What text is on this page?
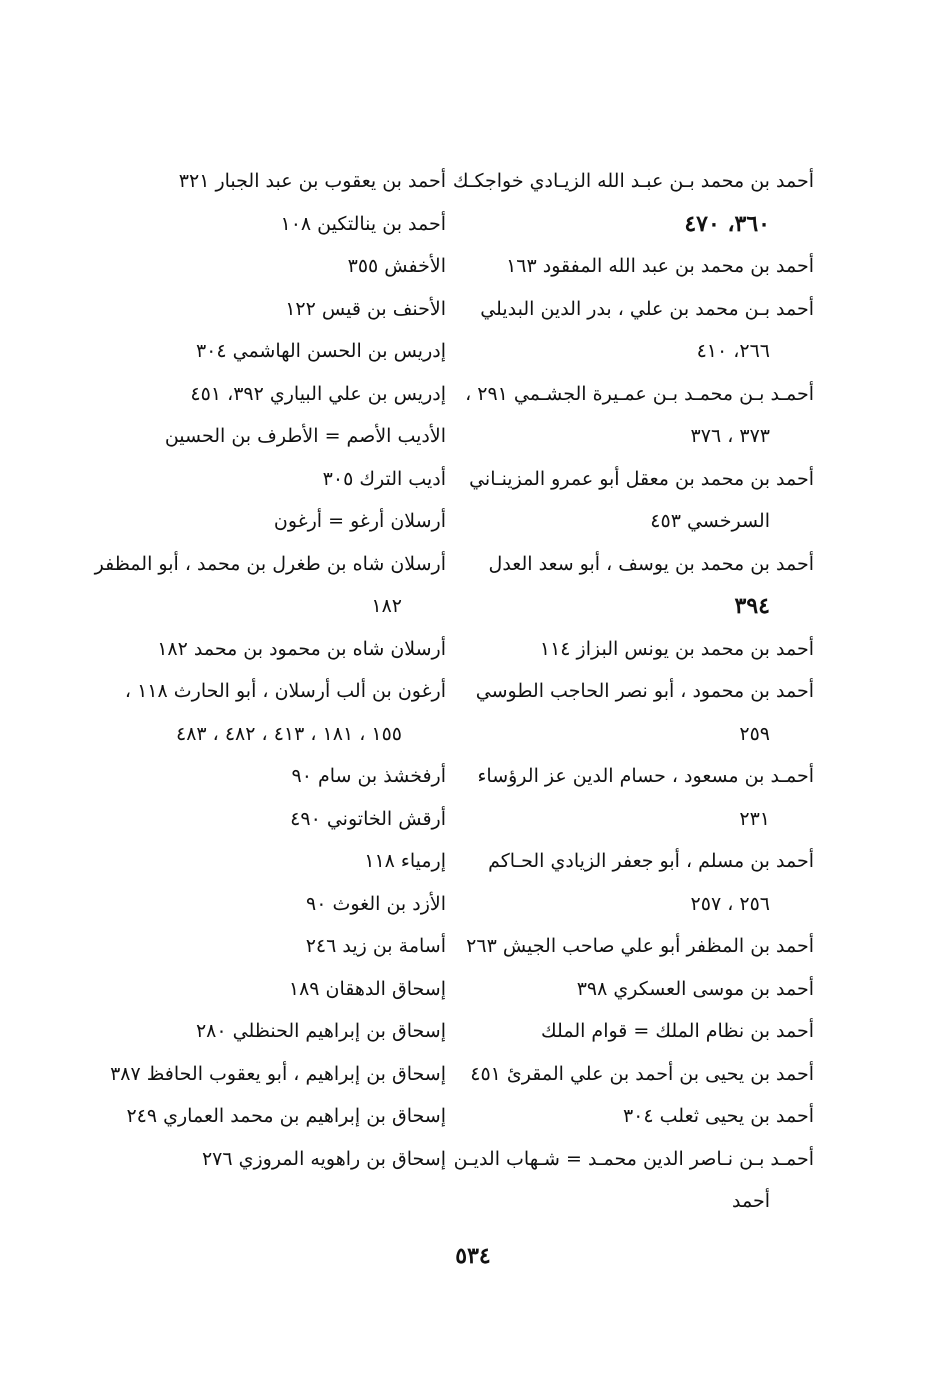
أحمد بن محمد بـن عبـد الله الزيـادي خواجكـك
٣٦٠، ٤٧٠
أحمد بن محمد بن عبد الله المفقود ١٦٣
أحمد بـن محمد بن علي ، بدر الدين البديلي
٢٦٦، ٤١٠
أحمـد بـن محمـد بـن عمـيرة الجشـمي ٢٩١ ،
٣٧٣ ، ٣٧٦
أحمد بن محمد بن معقل أبو عمرو المزينـاني
السرخسي ٤٥٣
أحمد بن محمد بن يوسف ، أبو سعد العدل
٣٩٤
أحمد بن محمد بن يونس البزاز ١١٤
أحمد بن محمود ، أبو نصر الحاجب الطوسي
٢٥٩
أحمـد بن مسعود ، حسام الدين عز الرؤساء
٢٣١
أحمد بن مسلم ، أبو جعفر الزيادي الحـاكم
٢٥٦ ، ٢٥٧
أحمد بن المظفر أبو علي صاحب الجيش ٢٦٣
أحمد بن موسى العسكري ٣٩٨
أحمد بن نظام الملك = قوام الملك
أحمد بن يحيى بن أحمد بن علي المقرئ ٤٥١
أحمد بن يحيى ثعلب ٣٠٤
أحمـد بـن نـاصر الدين محمـد = شـهاب الديـن
أحمد
أحمد بن يعقوب بن عبد الجبار ٣٢١
أحمد بن ينالتكين ١٠٨
الأخفش ٣٥٥
الأحنف بن قيس ١٢٢
إدريس بن الحسن الهاشمي ٣٠٤
إدريس بن علي البياري ٣٩٢، ٤٥١
الأديب الأصم = الأطرف بن الحسين
أديب الترك ٣٠٥
أرسلان أرغو = أرغون
أرسلان شاه بن طغرل بن محمد ، أبو المظفر
١٨٢
أرسلان شاه بن محمود بن محمد ١٨٢
أرغون بن ألب أرسلان ، أبو الحارث ١١٨ ،
١٥٥ ، ١٨١ ، ٤١٣ ، ٤٨٢ ، ٤٨٣
أرفخشذ بن سام ٩٠
أرقش الخاتوني ٤٩٠
إرمياء ١١٨
الأزد بن الغوث ٩٠
أسامة بن زيد ٢٤٦
إسحاق الدهقان ١٨٩
إسحاق بن إبراهيم الحنظلي ٢٨٠
إسحاق بن إبراهيم ، أبو يعقوب الحافظ ٣٨٧
إسحاق بن إبراهيم بن محمد العماري ٢٤٩
إسحاق بن راهويه المروزي ٢٧٦
٥٣٤
